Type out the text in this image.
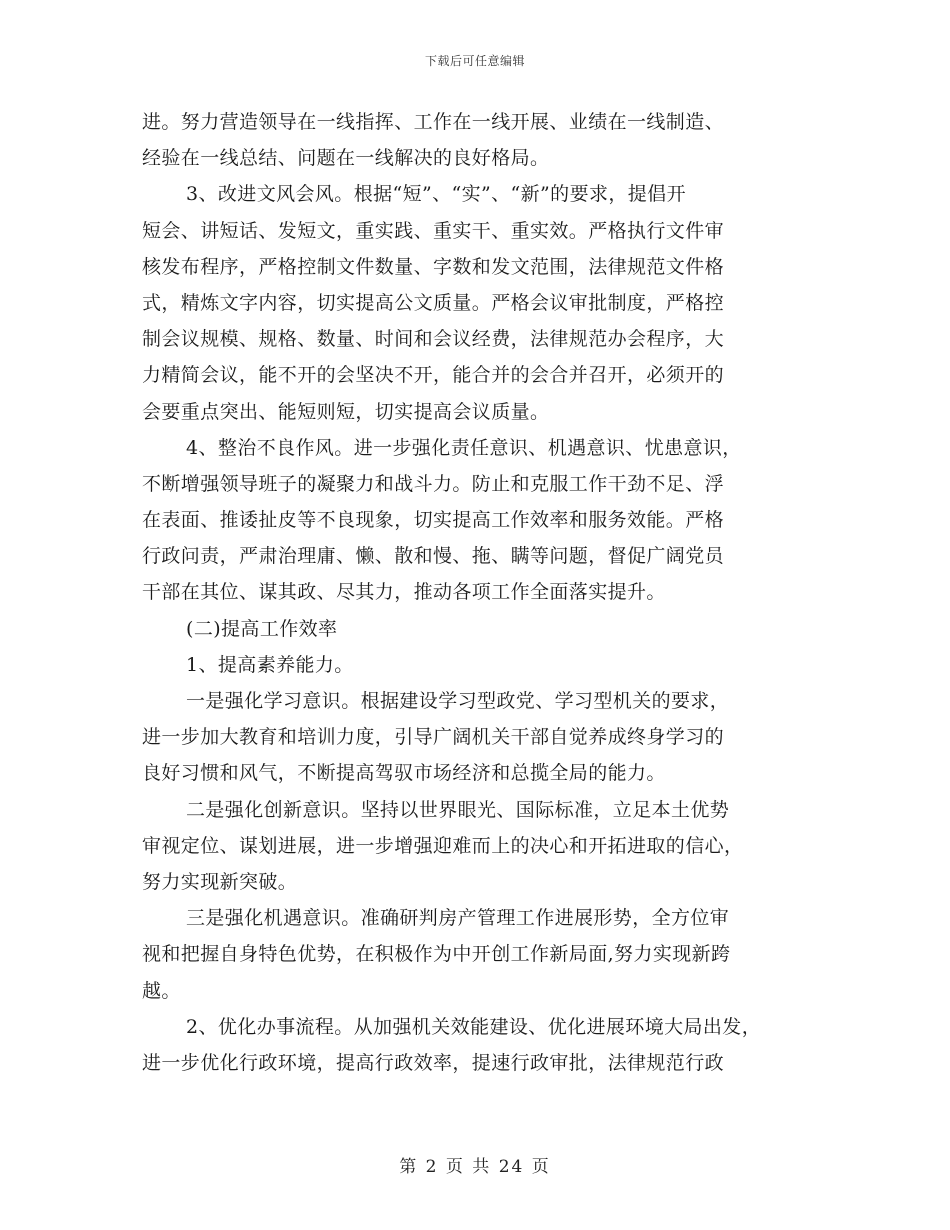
下载后可任意编辑
进。努力营造领导在一线指挥、工作在一线开展、业绩在一线制造、
经验在一线总结、问题在一线解决的良好格局。
3、改进文风会风。根据“短”、“实”、“新”的要求，提倡开
短会、讲短话、发短文，重实践、重实干、重实效。严格执行文件审
核发布程序，严格控制文件数量、字数和发文范围，法律规范文件格
式，精炼文字内容，切实提高公文质量。严格会议审批制度，严格控
制会议规模、规格、数量、时间和会议经费，法律规范办会程序，大
力精简会议，能不开的会坚决不开，能合并的会合并召开，必须开的
会要重点突出、能短则短，切实提高会议质量。
4、整治不良作风。进一步强化责任意识、机遇意识、忧患意识，
不断增强领导班子的凝聚力和战斗力。防止和克服工作干劲不足、浮
在表面、推诿扯皮等不良现象，切实提高工作效率和服务效能。严格
行政问责，严肃治理庸、懒、散和慢、拖、瞒等问题，督促广阔党员
干部在其位、谋其政、尽其力，推动各项工作全面落实提升。
(二)提高工作效率
1、提高素养能力。
一是强化学习意识。根据建设学习型政党、学习型机关的要求，
进一步加大教育和培训力度，引导广阔机关干部自觉养成终身学习的
良好习惯和风气，不断提高驾驭市场经济和总揽全局的能力。
二是强化创新意识。坚持以世界眼光、国际标准，立足本土优势
审视定位、谋划进展，进一步增强迎难而上的决心和开拓进取的信心，
努力实现新突破。
三是强化机遇意识。准确研判房产管理工作进展形势，全方位审
视和把握自身特色优势，在积极作为中开创工作新局面,努力实现新跨
越。
2、优化办事流程。从加强机关效能建设、优化进展环境大局出发，
进一步优化行政环境，提高行政效率，提速行政审批，法律规范行政
第 2 页 共 24 页
